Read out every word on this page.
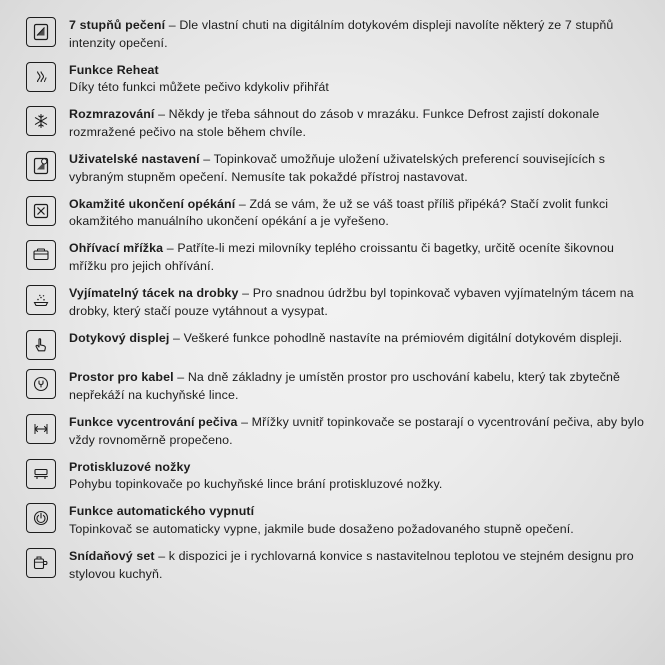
7 stupňů pečení – Dle vlastní chuti na digitálním dotykovém displeji navolíte některý ze 7 stupňů intenzity opečení.
Funkce Reheat
Díky této funkci můžete pečivo kdykoliv přihřát
Rozmrazování – Někdy je třeba sáhnout do zásob v mrazáku. Funkce Defrost zajistí dokonale rozmražené pečivo na stole během chvíle.
Uživatelské nastavení – Topinkovač umožňuje uložení uživatelských preferencí souvisejících s vybraným stupněm opečení. Nemusíte tak pokaždé přístroj nastavovat.
Okamžité ukončení opékání – Zdá se vám, že už se váš toast příliš připéká? Stačí zvolit funkci okamžitého manuálního ukončení opékání a je vyřešeno.
Ohřívací mřížka – Patříte-li mezi milovníky teplého croissantu či bagetky, určitě oceníte šikovnou mřížku pro jejich ohřívání.
Vyjímatelný tácek na drobky – Pro snadnou údržbu byl topinkovač vybaven vyjímatelným tácem na drobky, který stačí pouze vytáhnout a vysypat.
Dotykový displej – Veškeré funkce pohodlně nastavíte na prémiovém digitální dotykovém displeji.
Prostor pro kabel – Na dně základny je umístěn prostor pro uschování kabelu, který tak zbytečně nepřekáží na kuchyňské lince.
Funkce vycentrování pečiva – Mřížky uvnitř topinkovače se postarají o vycentrování pečiva, aby bylo vždy rovnoměrně propečeno.
Protiskluzové nožky
Pohybu topinkovače po kuchyňské lince brání protiskluzové nožky.
Funkce automatického vypnutí
Topinkovač se automaticky vypne, jakmile bude dosaženo požadovaného stupně opečení.
Snídaňový set – k dispozici je i rychlovarná konvice s nastavitelnou teplotou ve stejném designu pro stylovou kuchyň.
